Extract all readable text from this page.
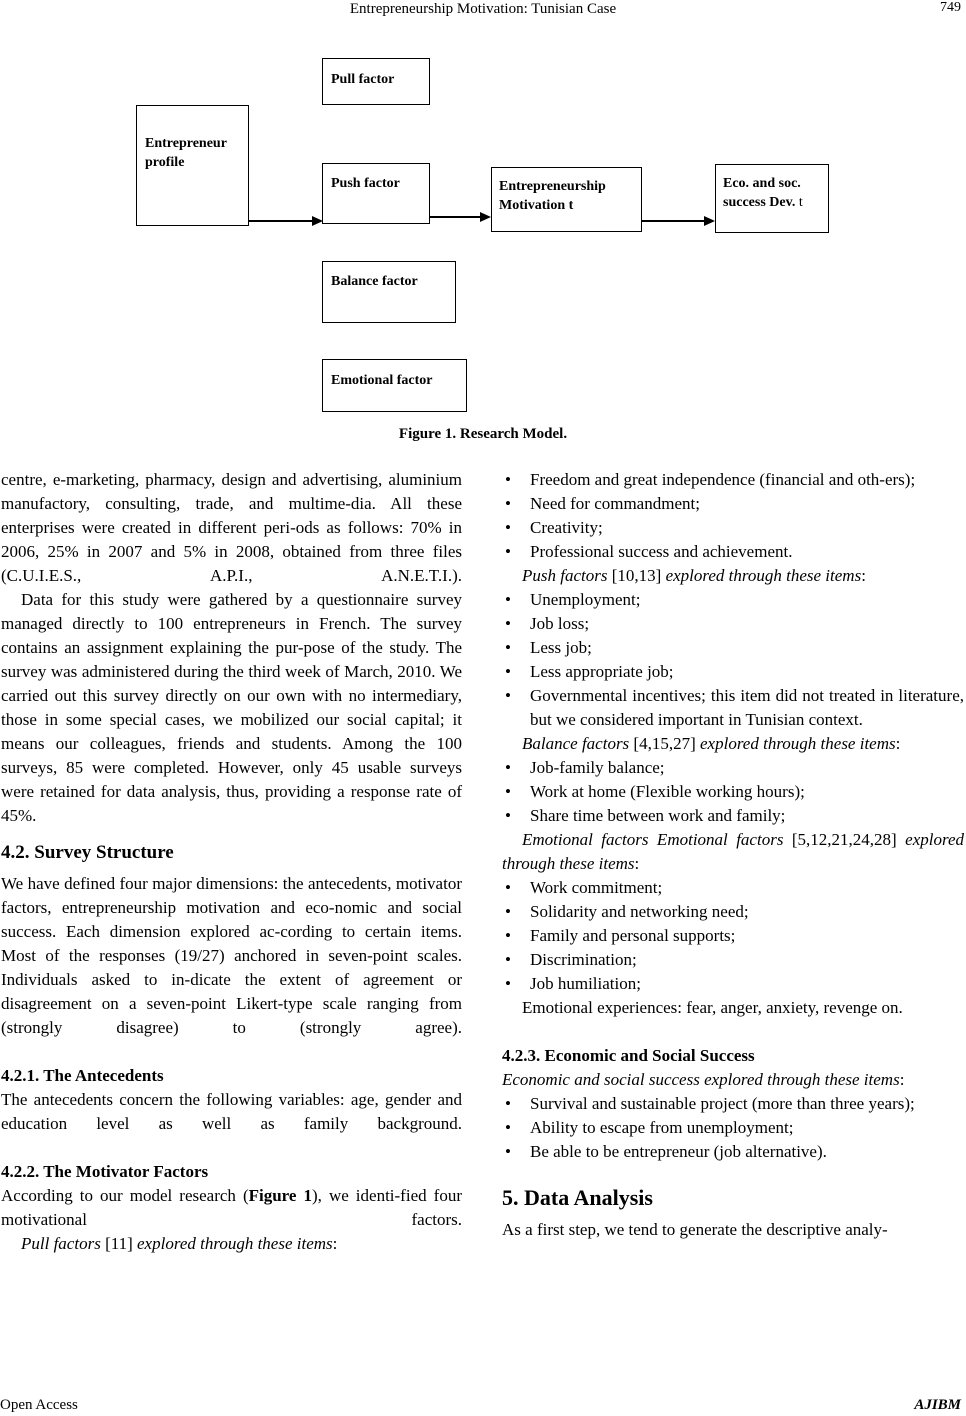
Entrepreneurship Motivation: Tunisian Case	749
Entrepreneur profile
Pull factor
Push factor
Balance factor
Emotional factor
Entrepreneurship Motivation t
Eco. and soc.
success Dev. t
Figure 1. Research Model.

centre, e-marketing, pharmacy, design and advertising, aluminium manufactory, consulting, trade, and multime-dia. All these enterprises were created in different peri-ods as follows: 70% in 2006, 25% in 2007 and 5% in 2008, obtained from three files (C.U.I.E.S., A.P.I., A.N.E.T.I.).

Data for this study were gathered by a questionnaire survey managed directly to 100 entrepreneurs in French. The survey contains an assignment explaining the pur-pose of the study. The survey was administered during the third week of March, 2010. We carried out this survey directly on our own with no intermediary, those in some special cases, we mobilized our social capital; it means our colleagues, friends and students. Among the 100 surveys, 85 were completed. However, only 45 usable surveys were retained for data analysis, thus, providing a response rate of 45%.

4.2. Survey Structure

We have defined four major dimensions: the antecedents, motivator factors, entrepreneurship motivation and eco-nomic and social success. Each dimension explored ac-cording to certain items. Most of the responses (19/27) anchored in seven-point scales. Individuals asked to in-dicate the extent of agreement or disagreement on a seven-point Likert-type scale ranging from (strongly disagree) to (strongly agree).

4.2.1. The Antecedents

The antecedents concern the following variables: age, gender and education level as well as family background.

4.2.2. The Motivator Factors

According to our model research (Figure 1), we identi-fied four motivational factors.

Pull factors [11] explored through these items:

• Freedom and great independence (financial and oth-ers);

• Need for commandment;

• Creativity;

• Professional success and achievement.

Push factors [10,13] explored through these items:

• Unemployment;

• Job loss;

• Less job;

• Less appropriate job;

• Governmental incentives; this item did not treated in literature, but we considered important in Tunisian context.

Balance factors [4,15,27] explored through these items:

• Job-family balance;

• Work at home (Flexible working hours);

• Share time between work and family;

Emotional factors Emotional factors [5,12,21,24,28] explored through these items:

• Work commitment;

• Solidarity and networking need;

• Family and personal supports;

• Discrimination;

• Job humiliation;

Emotional experiences: fear, anger, anxiety, revenge on.

4.2.3. Economic and Social Success

Economic and social success explored through these items:

• Survival and sustainable project (more than three years);

• Ability to escape from unemployment;

• Be able to be entrepreneur (job alternative).

5. Data Analysis

As a first step, we tend to generate the descriptive analy-

Open Access	AJIBM
